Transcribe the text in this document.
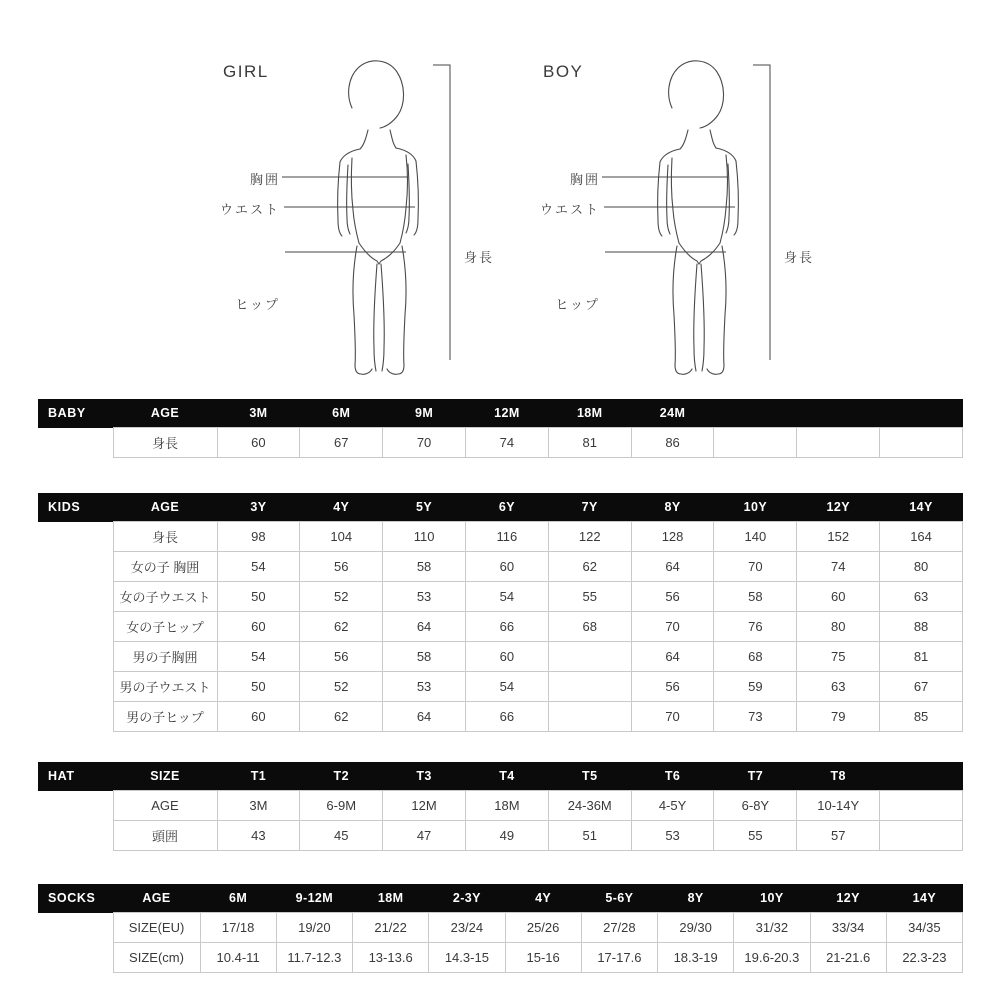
GIRL
胸囲
ウエスト
ヒップ
身長
BOY
胸囲
ウエスト
ヒップ
身長
BABY	AGE	3M	6M	9M	12M	18M	24M			
	身長	60	67	70	74	81	86			
KIDS	AGE	3Y	4Y	5Y	6Y	7Y	8Y	10Y	12Y	14Y
	身長	98	104	110	116	122	128	140	152	164
	女の子 胸囲	54	56	58	60	62	64	70	74	80
	女の子ウエスト	50	52	53	54	55	56	58	60	63
	女の子ヒップ	60	62	64	66	68	70	76	80	88
	男の子胸囲	54	56	58	60		64	68	75	81
	男の子ウエスト	50	52	53	54		56	59	63	67
	男の子ヒップ	60	62	64	66		70	73	79	85
HAT	SIZE	T1	T2	T3	T4	T5	T6	T7	T8	
	AGE	3M	6-9M	12M	18M	24-36M	4-5Y	6-8Y	10-14Y	
	頭囲	43	45	47	49	51	53	55	57	
SOCKS	AGE	6M	9-12M	18M	2-3Y	4Y	5-6Y	8Y	10Y	12Y	14Y
	SIZE(EU)	17/18	19/20	21/22	23/24	25/26	27/28	29/30	31/32	33/34	34/35
	SIZE(cm)	10.4-11	11.7-12.3	13-13.6	14.3-15	15-16	17-17.6	18.3-19	19.6-20.3	21-21.6	22.3-23
